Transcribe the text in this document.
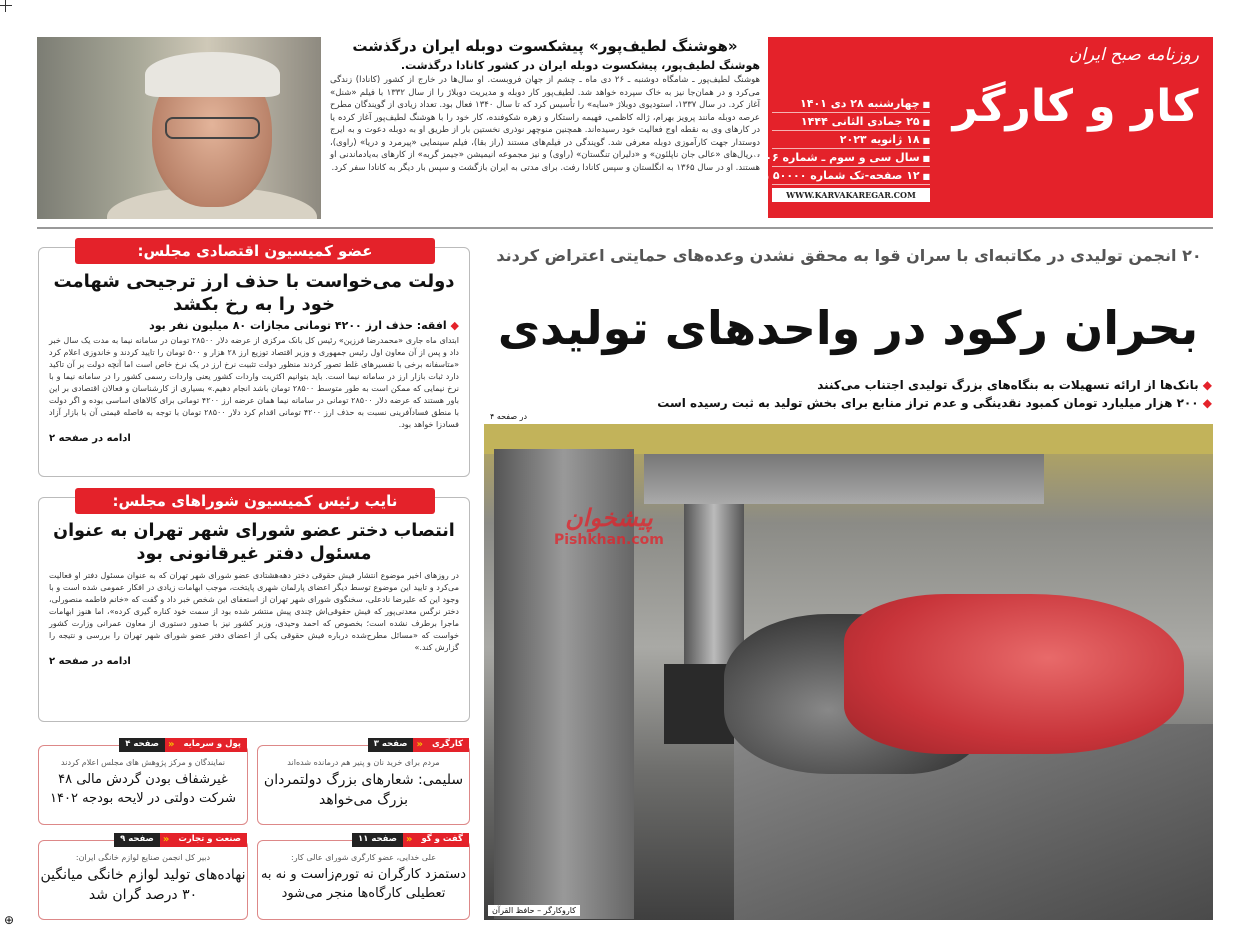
«هوشنگ لطیف‌پور» پیشکسوت دوبله ایران درگذشت
هوشنگ لطیف‌پور، پیشکسوت دوبله ایران در کشور کانادا درگذشت.

هوشنگ لطیف‌پور ـ شامگاه دوشنبه ـ ۲۶ دی ماه ـ چشم از جهان فروبست. او سال‌ها در خارج از کشور (کانادا) زندگی می‌کرد و در همان‌جا نیز به خاک سپرده خواهد شد. لطیف‌پور کار دوبله و مدیریت دوبلاژ را از سال ۱۳۳۲ با فیلم «شنل» آغاز کرد. در سال ۱۳۳۷، استودیوی دوبلاژ «سایه» را تأسیس کرد که تا سال ۱۳۴۰ فعال بود. تعداد زیادی از گویندگان مطرح عرصه دوبله مانند پرویز بهرام، ژاله کاظمی، فهیمه راستکار و زهره شکوفنده، کار خود را با هوشنگ لطیف‌پور آغاز کرده یا در کارهای وی به نقطه اوج فعالیت خود رسیده‌اند. همچنین منوچهر نوذری نخستین بار از طریق او به دوبله دعوت و به ایرج دوستدار جهت کارآموزی دوبله معرفی شد. گویندگی در فیلم‌های مستند (راز بقا)، فیلم سینمایی «پیرمرد و دریا» (راوی)، سریال‌های «عالی جان ناپلئون» و «دلیران تنگستان» (راوی) و نیز مجموعه انیمیشن «جیمز گربه» از کارهای به‌یادماندنی او هستند. او در سال ۱۳۶۵ به انگلستان و سپس کانادا رفت. برای مدتی به ایران بازگشت و سپس بار دیگر به کانادا سفر کرد.

روزنامه صبح ایران
کار و کارگر
■ چهارشنبه ۲۸ دی ۱۴۰۱
■ ۲۵ جمادی الثانی ۱۴۴۴
■ ۱۸ ژانویه ۲۰۲۳
■ سال سی و سوم ـ شماره ۹۱۰۶
■ ۱۲ صفحه-تک شماره ۵۰۰۰۰ ریال
WWW.KARVAKAREGAR.COM
عضو کمیسیون اقتصادی مجلس:
دولت می‌خواست با حذف ارز ترجیحی شهامت خود را به رخ بکشد
◆ افقه: حذف ارز ۴۲۰۰ تومانی مجازات ۸۰ میلیون نفر بود
ابتدای ماه جاری «محمدرضا فرزین» رئیس کل بانک مرکزی از عرضه دلار ۲۸۵۰۰ تومان در سامانه نیما به مدت یک سال خبر داد و پس از آن معاون اول رئیس جمهوری و وزیر اقتصاد توزیع ارز ۲۸ هزار و ۵۰۰ تومان را تایید کردند و خاندوزی اعلام کرد «متاسفانه برخی با تفسیرهای غلط تصور کردند منظور دولت تثبیت نرخ ارز در یک نرخ خاص است اما آنچه دولت بر آن تاکید دارد ثبات بازار ارز در سامانه نیما است. باید بتوانیم اکثریت واردات کشور یعنی واردات رسمی کشور را در سامانه نیما و با نرخ نیمایی که ممکن است به طور متوسط ۲۸۵۰۰ تومان باشد انجام دهیم.» بسیاری از کارشناسان و فعالان اقتصادی بر این باور هستند که عرضه دلار ۲۸۵۰۰ تومانی در سامانه نیما همان عرضه ارز ۴۲۰۰ تومانی برای کالاهای اساسی بوده و اگر دولت با منطق فسادآفرینی نسبت به حذف ارز ۴۲۰۰ تومانی اقدام کرد دلار ۲۸۵۰۰ تومان با توجه به فاصله قیمتی آن با بازار آزاد فسادزا خواهد بود.
ادامه در صفحه ۲
نایب رئیس کمیسیون شوراهای مجلس:
انتصاب دختر عضو شورای شهر تهران به عنوان مسئول دفتر غیرقانونی بود
در روزهای اخیر موضوع انتشار فیش حقوقی دختر دهه‌هشتادی عضو شورای شهر تهران که به عنوان مسئول دفتر او فعالیت می‌کرد و تایید این موضوع توسط دیگر اعضای پارلمان شهری پایتخت، موجب ابهامات زیادی در افکار عمومی شده است و با وجود این که علیرضا نادعلی، سخنگوی شورای شهر تهران از استعفای این شخص خبر داد و گفت که «خانم فاطمه منصورلی، دختر نرگس معدنی‌پور که فیش حقوقی‌اش چندی پیش منتشر شده بود از سمت خود کناره گیری کرده»، اما هنوز ابهامات ماجرا برطرف نشده است؛ بخصوص که احمد وحیدی، وزیر کشور نیز با صدور دستوری از معاون عمرانی وزارت کشور خواست که «مسائل مطرح‌شده درباره فیش حقوقی یکی از اعضای دفتر عضو شورای شهر تهران را بررسی و نتیجه را گزارش کند.»
ادامه در صفحه ۲
کارگری
«
صفحه ۳
مردم برای خرید نان و پنیر هم درمانده شده‌اند
سلیمی: شعارهای بزرگ دولتمردان بزرگ می‌خواهد
پول و سرمایه
«
صفحه ۴
نمایندگان و مرکز پژوهش های مجلس اعلام کردند
غیرشفاف بودن گردش مالی ۴۸ شرکت دولتی در لایحه بودجه ۱۴۰۲
گفت و گو
«
صفحه ۱۱
علی خدایی، عضو کارگری شورای عالی کار:
دستمزد کارگران نه تورم‌زاست و نه به تعطیلی کارگاه‌ها منجر می‌شود
صنعت و تجارت
«
صفحه ۹
دبیر کل انجمن صنایع لوازم خانگی ایران:
نهاده‌های تولید لوازم خانگی میانگین ۳۰ درصد گران شد
۲۰ انجمن تولیدی در مکاتبه‌ای با سران قوا به محقق نشدن وعده‌های حمایتی اعتراض کردند
بحران رکود در واحدهای تولیدی
◆ بانک‌ها از ارائه تسهیلات به بنگاه‌های بزرگ تولیدی اجتناب می‌کنند
◆ ۲۰۰ هزار میلیارد تومان کمبود نقدینگی و عدم تراز منابع برای بخش تولید به ثبت رسیده است
در صفحه ۴
پیشخوان
Pishkhan.com
کاروکارگر – حافظ القرآن
⊕
